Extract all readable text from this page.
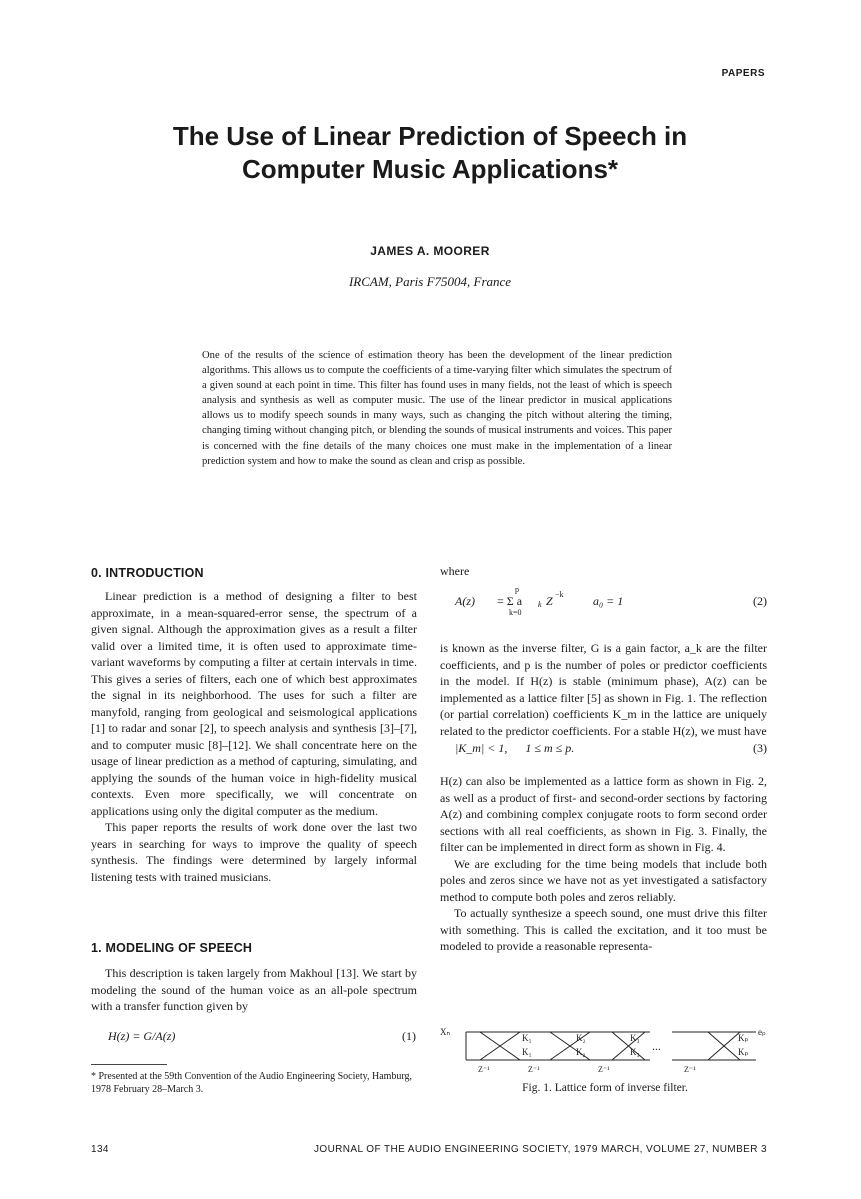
PAPERS
The Use of Linear Prediction of Speech in
Computer Music Applications*
JAMES A. MOORER
IRCAM, Paris F75004, France
One of the results of the science of estimation theory has been the development of the linear prediction algorithms. This allows us to compute the coefficients of a time-varying filter which simulates the spectrum of a given sound at each point in time. This filter has found uses in many fields, not the least of which is speech analysis and synthesis as well as computer music. The use of the linear predictor in musical applications allows us to modify speech sounds in many ways, such as changing the pitch without altering the timing, changing timing without changing pitch, or blending the sounds of musical instruments and voices. This paper is concerned with the fine details of the many choices one must make in the implementation of a linear prediction system and how to make the sound as clean and crisp as possible.
0. INTRODUCTION

Linear prediction is a method of designing a filter to best approximate, in a mean-squared-error sense, the spectrum of a given signal. Although the approximation gives as a result a filter valid over a limited time, it is often used to approximate time-variant waveforms by computing a filter at certain intervals in time. This gives a series of filters, each one of which best approximates the signal in its neighborhood. The uses for such a filter are manyfold, ranging from geological and seismological applications [1] to radar and sonar [2], to speech analysis and synthesis [3]–[7], and to computer music [8]–[12]. We shall concentrate here on the usage of linear prediction as a method of capturing, simulating, and applying the sounds of the human voice in high-fidelity musical contexts. Even more specifically, we will concentrate on applications using only the digital computer as the medium.

This paper reports the results of work done over the last two years in searching for ways to improve the quality of speech synthesis. The findings were determined by largely informal listening tests with trained musicians.

1. MODELING OF SPEECH

This description is taken largely from Makhoul [13]. We start by modeling the sound of the human voice as an all-pole spectrum with a transfer function given by

H(z) = G/A(z)	(1)
* Presented at the 59th Convention of the Audio Engineering Society, Hamburg, 1978 February 28–March 3.
where
A(z)
p
= Σ a k Z −k
k=0
a₀ = 1	(2)

is known as the inverse filter, G is a gain factor, a_k are the filter coefficients, and p is the number of poles or predictor coefficients in the model. If H(z) is stable (minimum phase), A(z) can be implemented as a lattice filter [5] as shown in Fig. 1. The reflection (or partial correlation) coefficients K_m in the lattice are uniquely related to the predictor coefficients. For a stable H(z), we must have

|K_m| < 1,      1 ≤ m ≤ p.	(3)

H(z) can also be implemented as a lattice form as shown in Fig. 2, as well as a product of first- and second-order sections by factoring A(z) and combining complex conjugate roots to form second order sections with all real coefficients, as shown in Fig. 3. Finally, the filter can be implemented in direct form as shown in Fig. 4.

We are excluding for the time being models that include both poles and zeros since we have not as yet investigated a satisfactory method to compute both poles and zeros reliably.

To actually synthesize a speech sound, one must drive this filter with something. This is called the excitation, and it too must be modeled to provide a reasonable representa-

Xₙ	eₚ
K₁
K₁
K₂
K₂
K₃
K₃
Kₚ
Kₚ
...
Z⁻¹	Z⁻¹	Z⁻¹	Z⁻¹
Fig. 1. Lattice form of inverse filter.
134	JOURNAL OF THE AUDIO ENGINEERING SOCIETY, 1979 MARCH, VOLUME 27, NUMBER 3
